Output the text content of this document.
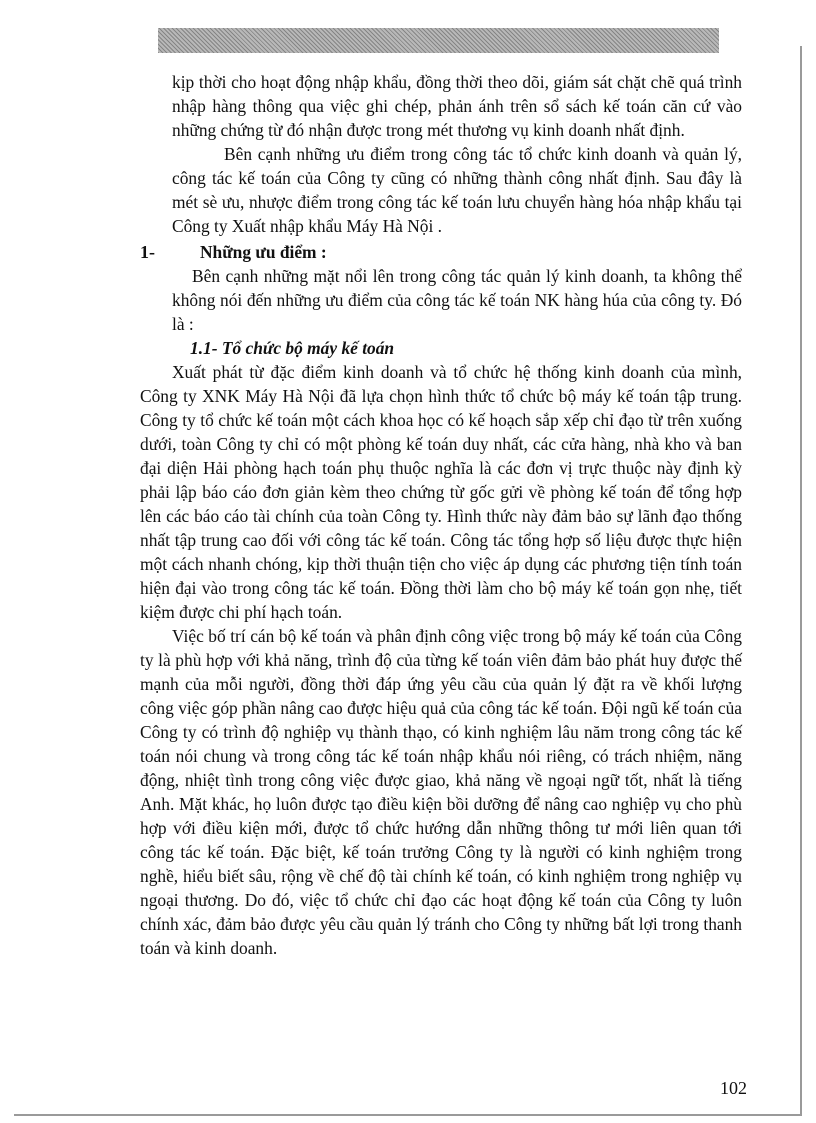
kịp thời cho hoạt động nhập khẩu, đồng thời theo dõi, giám sát chặt chẽ quá trình nhập hàng thông qua việc ghi chép, phản ánh trên sổ sách kế toán căn cứ vào những chứng từ đó nhận được trong mét thương vụ kinh doanh nhất định.

Bên cạnh những ưu điểm trong công tác tổ chức kinh doanh và quản lý, công tác kế toán của Công ty cũng có những thành công nhất định. Sau đây là mét sè ưu, nhược điểm trong công tác kế toán lưu chuyển hàng hóa nhập khẩu tại Công ty Xuất nhập khẩu Máy Hà Nội .

1-	Những ưu điểm :

Bên cạnh những mặt nổi lên trong công tác quản lý kinh doanh, ta không thể không nói đến những ưu điểm của công tác kế toán NK hàng húa của công ty. Đó là :

1.1- Tổ chức bộ máy kế toán

Xuất phát từ đặc điểm kinh doanh và tổ chức hệ thống kinh doanh của mình, Công ty XNK Máy Hà Nội đã lựa chọn hình thức tổ chức bộ máy kế toán tập trung. Công ty tổ chức kế toán một cách khoa học có kế hoạch sắp xếp chỉ đạo từ trên xuống dưới, toàn Công ty chỉ có một phòng kế toán duy nhất, các cửa hàng, nhà kho và ban đại diện Hải phòng hạch toán phụ thuộc nghĩa là các đơn vị trực thuộc này định kỳ phải lập báo cáo đơn giản kèm theo chứng từ gốc gửi về phòng kế toán để tổng hợp lên các báo cáo tài chính của toàn Công ty. Hình thức này đảm bảo sự lãnh đạo thống nhất tập trung cao đối với công tác kế toán. Công tác tổng hợp số liệu được thực hiện một cách nhanh chóng, kịp thời thuận tiện cho việc áp dụng các phương tiện tính toán hiện đại vào trong công tác kế toán. Đồng thời làm cho bộ máy kế toán gọn nhẹ, tiết kiệm được chi phí hạch toán.

Việc bố trí cán bộ kế toán và phân định công việc trong bộ máy kế toán của Công ty là phù hợp với khả năng, trình độ của từng kế toán viên đảm bảo phát huy được thế mạnh của mỗi người, đồng thời đáp ứng yêu cầu của quản lý đặt ra về khối lượng công việc góp phần nâng cao được hiệu quả của công tác kế toán. Đội ngũ kế toán của Công ty có trình độ nghiệp vụ thành thạo, có kinh nghiệm lâu năm trong công tác kế toán nói chung và trong công tác kế toán nhập khẩu nói riêng, có trách nhiệm, năng động, nhiệt tình trong công việc được giao, khả năng về ngoại ngữ tốt, nhất là tiếng Anh. Mặt khác, họ luôn được tạo điều kiện bồi dưỡng để nâng cao nghiệp vụ cho phù hợp với điều kiện mới, được tổ chức hướng dẫn những thông tư mới liên quan tới công tác kế toán. Đặc biệt, kế toán trưởng Công ty là người có kinh nghiệm trong nghề, hiểu biết sâu, rộng về chế độ tài chính kế toán, có kinh nghiệm trong nghiệp vụ ngoại thương. Do đó, việc tổ chức chỉ đạo các hoạt động kế toán của Công ty luôn chính xác, đảm bảo được yêu cầu quản lý tránh cho Công ty những bất lợi trong thanh toán và kinh doanh.

102
